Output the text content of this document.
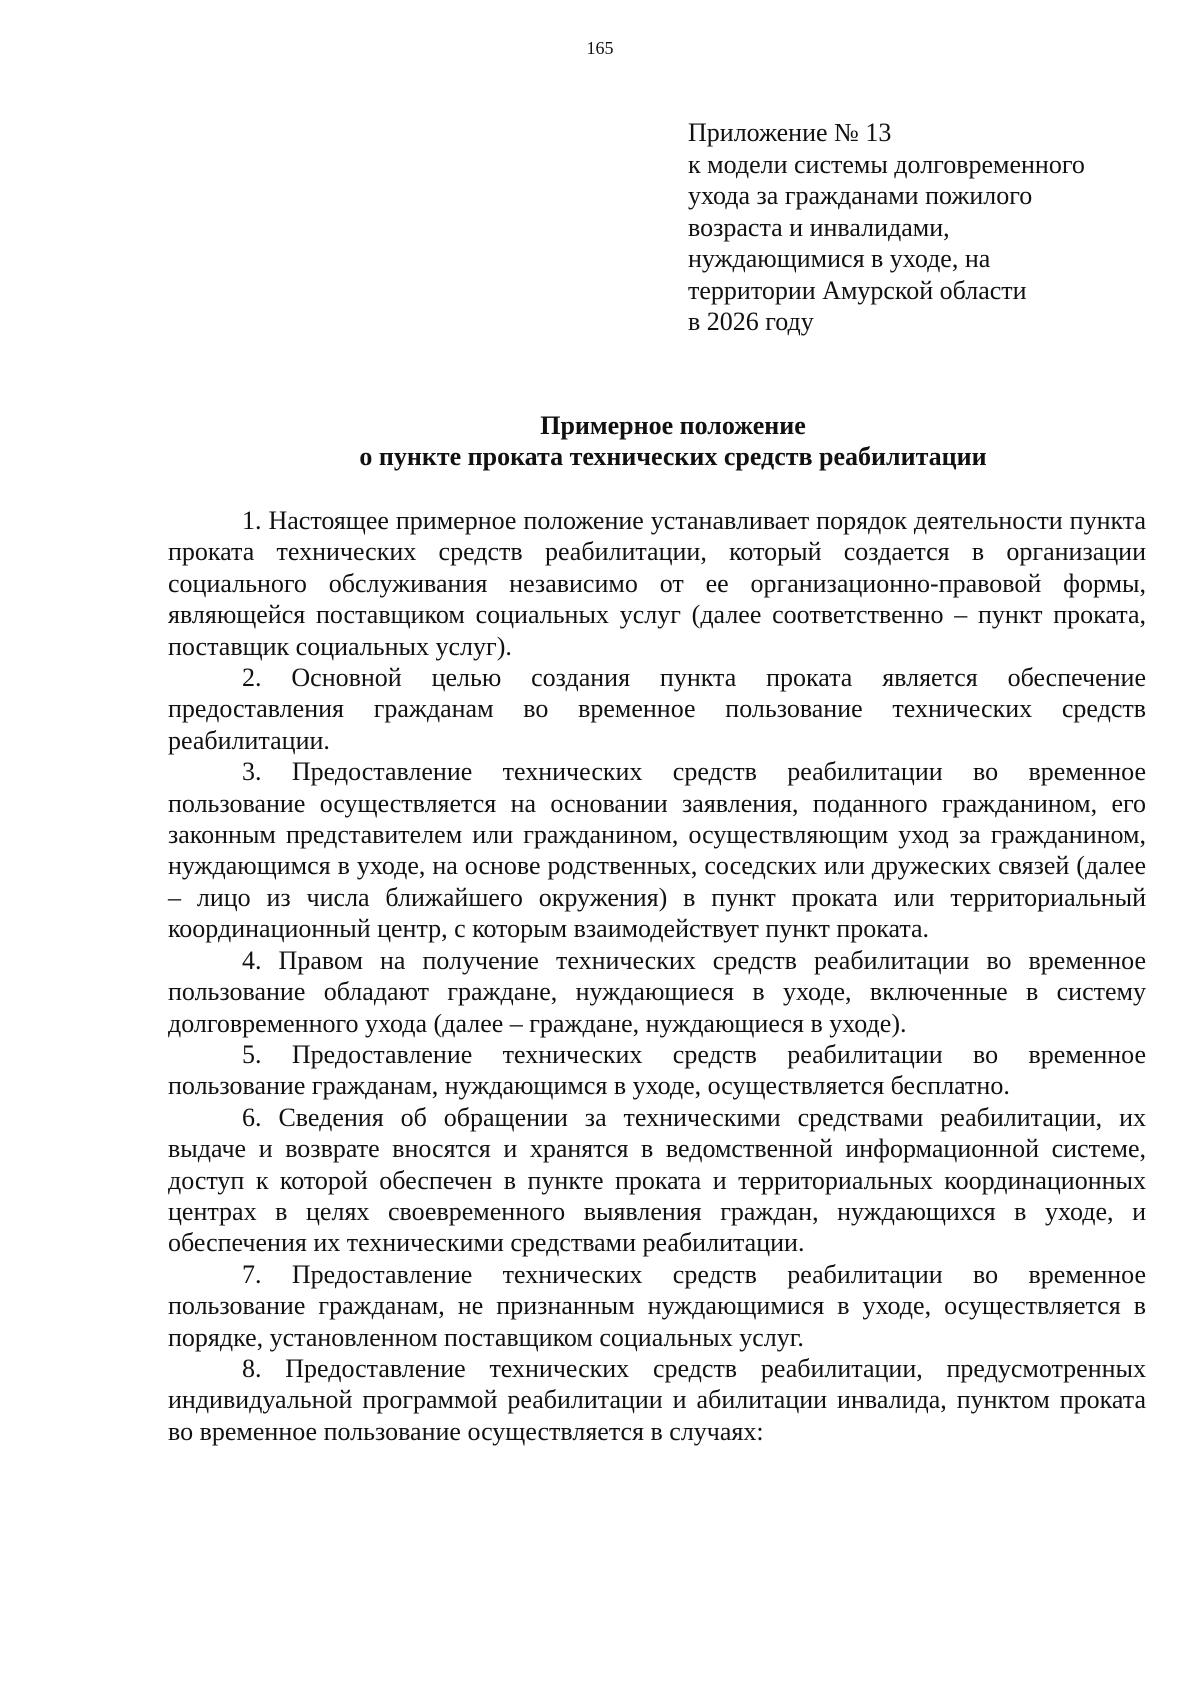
165
Приложение № 13
к модели системы долговременного
ухода за гражданами пожилого
возраста и инвалидами,
нуждающимися в уходе, на
территории Амурской области
в 2026 году
Примерное положение
о пункте проката технических средств реабилитации

1. Настоящее примерное положение устанавливает порядок деятельности пункта проката технических средств реабилитации, который создается в организации социального обслуживания независимо от ее организационно-правовой формы, являющейся поставщиком социальных услуг (далее соответственно – пункт проката, поставщик социальных услуг).

2. Основной целью создания пункта проката является обеспечение предоставления гражданам во временное пользование технических средств реабилитации.

3. Предоставление технических средств реабилитации во временное пользование осуществляется на основании заявления, поданного гражданином, его законным представителем или гражданином, осуществляющим уход за гражданином, нуждающимся в уходе, на основе родственных, соседских или дружеских связей (далее – лицо из числа ближайшего окружения) в пункт проката или территориальный координационный центр, с которым взаимодействует пункт проката.

4. Правом на получение технических средств реабилитации во временное пользование обладают граждане, нуждающиеся в уходе, включенные в систему долговременного ухода (далее – граждане, нуждающиеся в уходе).

5. Предоставление технических средств реабилитации во временное пользование гражданам, нуждающимся в уходе, осуществляется бесплатно.

6. Сведения об обращении за техническими средствами реабилитации, их выдаче и возврате вносятся и хранятся в ведомственной информационной системе, доступ к которой обеспечен в пункте проката и территориальных координационных центрах в целях своевременного выявления граждан, нуждающихся в уходе, и обеспечения их техническими средствами реабилитации.

7. Предоставление технических средств реабилитации во временное пользование гражданам, не признанным нуждающимися в уходе, осуществляется в порядке, установленном поставщиком социальных услуг.

8. Предоставление технических средств реабилитации, предусмотренных индивидуальной программой реабилитации и абилитации инвалида, пунктом проката во временное пользование осуществляется в случаях:
